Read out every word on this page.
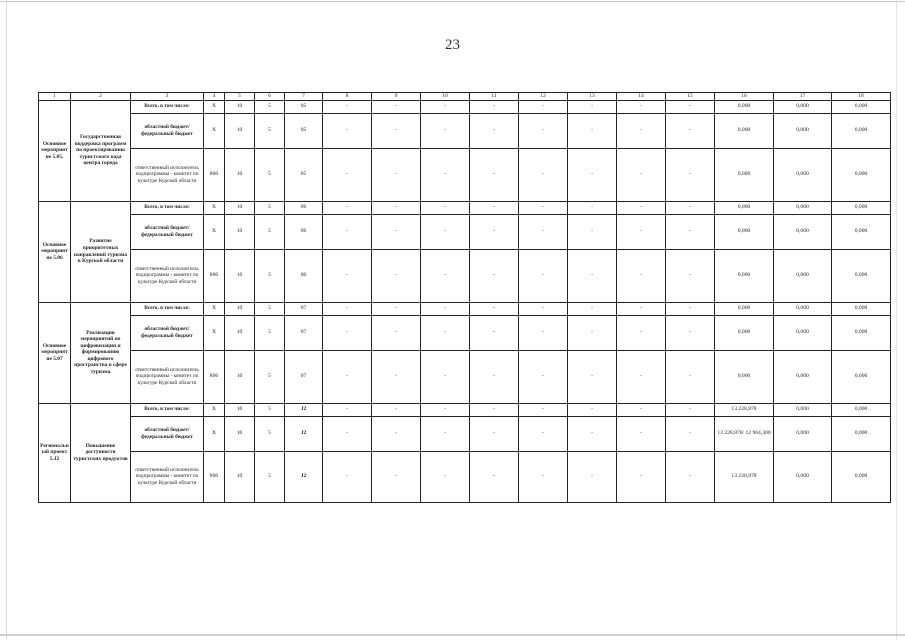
23
1	2	3	4	5	6	7	8	9	10	11	12	13	14	15	16	17	18
Основное мероприятие 5.05.	Государственная поддержка программ по проектированию туристского кода центра города	Всего, в том числе:	X	10	5	05	-	-	-	-	-	-	-	-	0,000	0,000	0,000
		областной бюджет/ федеральный бюджет	X	10	5	05	-	-	-	-	-	-	-	-	0,000	0,000	0,000
		ответственный исполнитель подпрограммы - комитет по культуре Курской области	806	10	5	05	-	-	-	-	-	-	-	-	0,000	0,000	0,000
Основное мероприятие 5.06	Развитие приоритетных направлений туризма в Курской области	Всего, в том числе:	X	10	5	06	-	-	-	-	-	-	-	-	0,000	0,000	0,000
		областной бюджет/ федеральный бюджет	X	10	5	06	-	-	-	-	-	-	-	-	0,000	0,000	0,000
		ответственный исполнитель подпрограммы - комитет по культуре Курской области	806	10	5	06	-	-	-	-	-	-	-	-	0,000	0,000	0,000
Основное мероприятие 5.07	Реализация мероприятий по цифровизации и формированию цифрового пространства в сфере туризма	Всего, в том числе:	X	10	5	07	-	-	-	-	-	-	-	-	0,000	0,000	0,000
		областной бюджет/ федеральный бюджет	X	10	5	07	-	-	-	-	-	-	-	-	0,000	0,000	0,000
		ответственный исполнитель подпрограммы - комитет по культуре Курской области	806	10	5	07	-	-	-	-	-	-	-	-	0,000	0,000	0,000
Региональный проект 5.J2	Повышение доступности туристских продуктов	Всего, в том числе:	X	10	5	J2	-	-	-	-	-	-	-	-	13 228,878	0,000	0,000
		областной бюджет/ федеральный бюджет	X	10	5	J2	-	-	-	-	-	-	-	-	13 228,878/ 12 964,300	0,000	0,000
		ответственный исполнитель подпрограммы - комитет по культуре Курской области	806	10	5	J2	-	-	-	-	-	-	-	-	13 228,878	0,000	0,000
